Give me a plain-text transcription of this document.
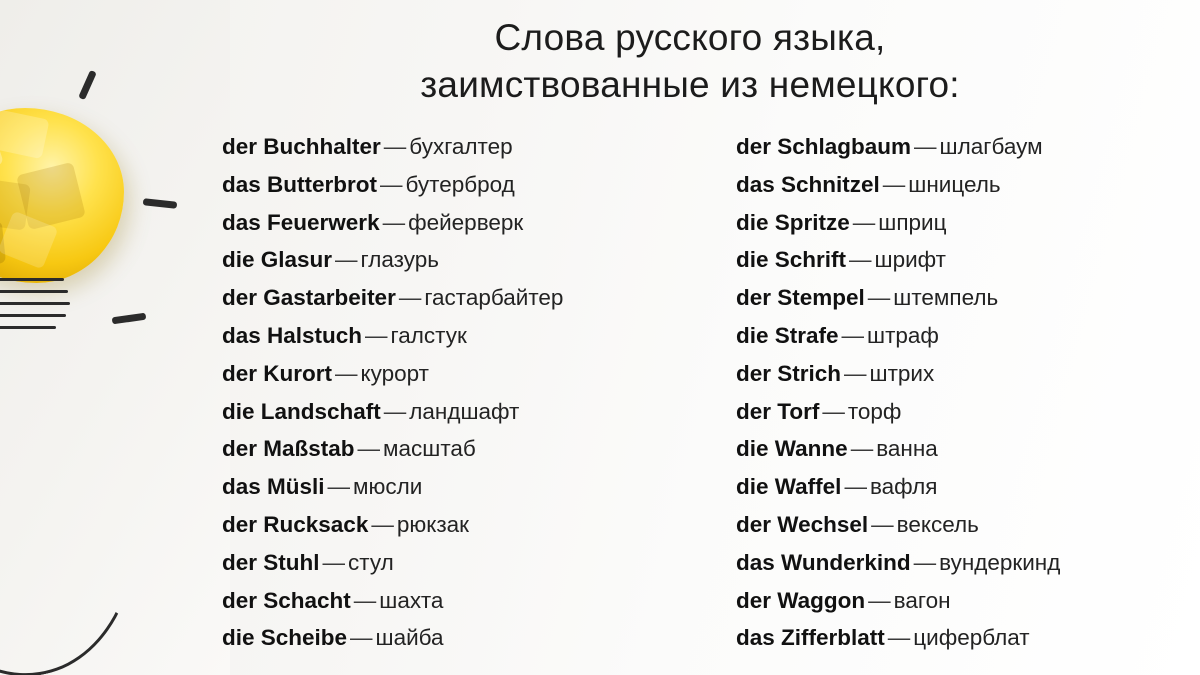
Слова русского языка,
заимствованные из немецкого:
der Buchhalter — бухгалтер
das Butterbrot — бутерброд
das Feuerwerk — фейерверк
die Glasur — глазурь
der Gastarbeiter — гастарбайтер
das Halstuch — галстук
der Kurort — курорт
die Landschaft — ландшафт
der Maßstab — масштаб
das Müsli — мюсли
der Rucksack — рюкзак
der Stuhl — стул
der Schacht — шахта
die Scheibe — шайба
der Schlagbaum — шлагбаум
das Schnitzel — шницель
die Spritze — шприц
die Schrift — шрифт
der Stempel — штемпель
die Strafe — штраф
der Strich — штрих
der Torf — торф
die Wanne — ванна
die Waffel — вафля
der Wechsel — вексель
das Wunderkind — вундеркинд
der Waggon — вагон
das Zifferblatt — циферблат
